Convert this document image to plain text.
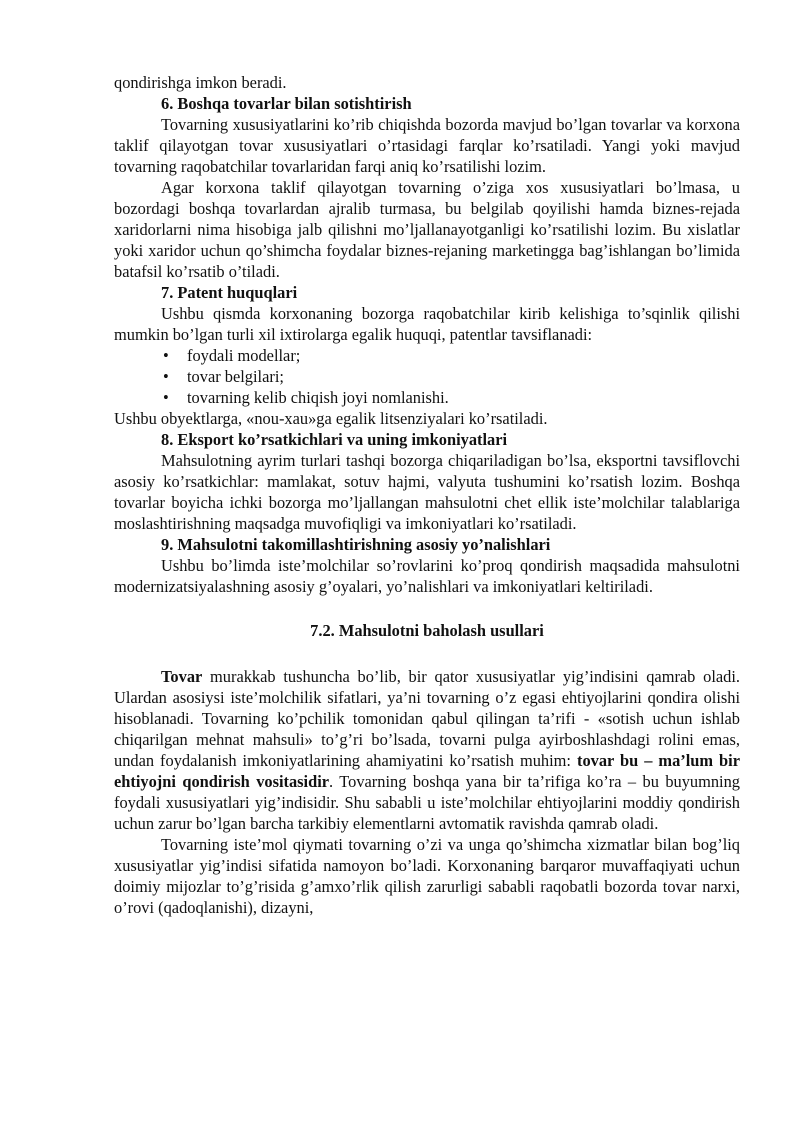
qondirishga imkon beradi.

6. Boshqa tovarlar bilan sotishtirish

Tovarning xususiyatlarini ko’rib chiqishda bozorda mavjud bo’lgan tovarlar va korxona taklif qilayotgan tovar xususiyatlari o’rtasidagi farqlar ko’rsatiladi. Yangi yoki mavjud tovarning raqobatchilar tovarlaridan farqi aniq ko’rsatilishi lozim.

Agar korxona taklif qilayotgan tovarning o’ziga xos xususiyatlari bo’lmasa, u bozordagi boshqa tovarlardan ajralib turmasa, bu belgilab qoyilishi hamda biznes-rejada xaridorlarni nima hisobiga jalb qilishni mo’ljallanayotganligi ko’rsatilishi lozim. Bu xislatlar yoki xaridor uchun qo’shimcha foydalar biznes-rejaning marketingga bag’ishlangan bo’limida batafsil ko’rsatib o’tiladi.

7. Patent huquqlari

Ushbu qismda korxonaning bozorga raqobatchilar kirib kelishiga to’sqinlik qilishi mumkin bo’lgan turli xil ixtirolarga egalik huquqi, patentlar tavsiflanadi:

• foydali modellar;
• tovar belgilari;
• tovarning kelib chiqish joyi nomlanishi.

Ushbu obyektlarga, «nou-xau»ga egalik litsenziyalari ko’rsatiladi.

8. Eksport ko’rsatkichlari va uning imkoniyatlari

Mahsulotning ayrim turlari tashqi bozorga chiqariladigan bo’lsa, eksportni tavsiflovchi asosiy ko’rsatkichlar: mamlakat, sotuv hajmi, valyuta tushumini ko’rsatish lozim. Boshqa tovarlar boyicha ichki bozorga mo’ljallangan mahsulotni chet ellik iste’molchilar talablariga moslashtirishning maqsadga muvofiqligi va imkoniyatlari ko’rsatiladi.

9. Mahsulotni takomillashtirishning asosiy yo’nalishlari

Ushbu bo’limda iste’molchilar so’rovlarini ko’proq qondirish maqsadida mahsulotni modernizatsiyalashning asosiy g’oyalari, yo’nalishlari va imkoniyatlari keltiriladi.

7.2. Mahsulotni baholash usullari

Tovar murakkab tushuncha bo’lib, bir qator xususiyatlar yig’indisini qamrab oladi. Ulardan asosiysi iste’molchilik sifatlari, ya’ni tovarning o’z egasi ehtiyojlarini qondira olishi hisoblanadi. Tovarning ko’pchilik tomonidan qabul qilingan ta’rifi - «sotish uchun ishlab chiqarilgan mehnat mahsuli» to’g’ri bo’lsada, tovarni pulga ayirboshlashdagi rolini emas, undan foydalanish imkoniyatlarining ahamiyatini ko’rsatish muhim: tovar bu – ma’lum bir ehtiyojni qondirish vositasidir. Tovarning boshqa yana bir ta’rifiga ko’ra – bu buyumning foydali xususiyatlari yig’indisidir. Shu sababli u iste’molchilar ehtiyojlarini moddiy qondirish uchun zarur bo’lgan barcha tarkibiy elementlarni avtomatik ravishda qamrab oladi.

Tovarning iste’mol qiymati tovarning o’zi va unga qo’shimcha xizmatlar bilan bog’liq xususiyatlar yig’indisi sifatida namoyon bo’ladi. Korxonaning barqaror muvaffaqiyati uchun doimiy mijozlar to’g’risida g’amxo’rlik qilish zarurligi sababli raqobatli bozorda tovar narxi, o’rovi (qadoqlanishi), dizayni,
